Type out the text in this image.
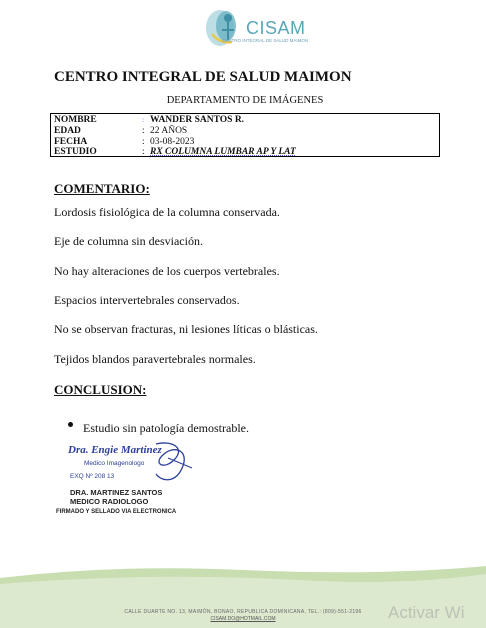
CISAM
CENTRO INTEGRAL DE SALUD MAIMON
CENTRO INTEGRAL DE SALUD MAIMON
DEPARTAMENTO DE IMÁGENES
NOMBRE	: WANDER SANTOS R.
EDAD	: 22 AÑOS
FECHA	: 03-08-2023
ESTUDIO	: RX COLUMNA LUMBAR AP Y LAT
COMENTARIO:
Lordosis fisiológica de la columna conservada.
Eje de columna sin desviación.
No hay alteraciones de los cuerpos vertebrales.
Espacios intervertebrales conservados.
No se observan fracturas, ni lesiones líticas o blásticas.
Tejidos blandos paravertebrales normales.
CONCLUSION:
Estudio sin patología demostrable.
Dra. Engie Martinez
Medico Imagenologo
EXQ Nº 208 13
DRA. MARTINEZ SANTOS
MEDICO RADIOLOGO
FIRMADO Y SELLADO VIA ELECTRONICA
CALLE DUARTE NO. 13, MAIMÓN, BONAO, REPUBLICA DOMINICANA, TEL.: (809)-551-2196
CISAM.DO@HOTMAIL.COM	Activar Wi
